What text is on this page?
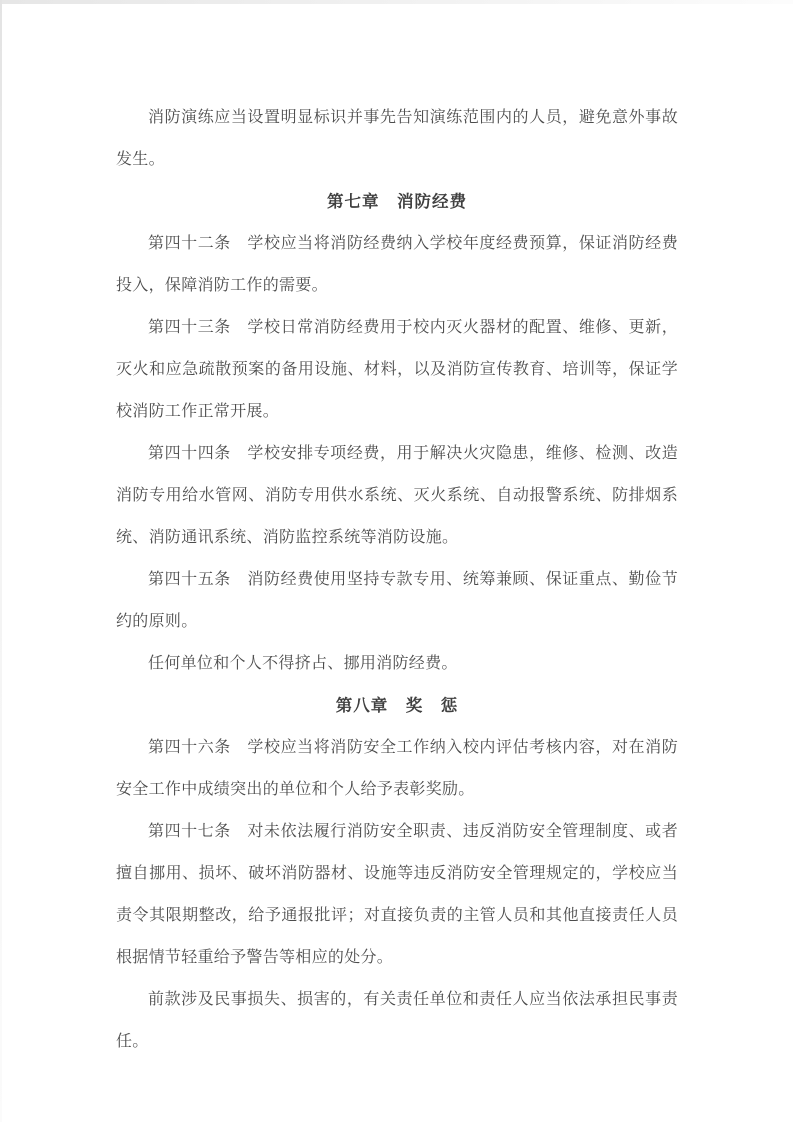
消防演练应当设置明显标识并事先告知演练范围内的人员，避免意外事故发生。

第七章　消防经费

第四十二条　学校应当将消防经费纳入学校年度经费预算，保证消防经费投入，保障消防工作的需要。

第四十三条　学校日常消防经费用于校内灭火器材的配置、维修、更新，灭火和应急疏散预案的备用设施、材料，以及消防宣传教育、培训等，保证学校消防工作正常开展。

第四十四条　学校安排专项经费，用于解决火灾隐患，维修、检测、改造消防专用给水管网、消防专用供水系统、灭火系统、自动报警系统、防排烟系统、消防通讯系统、消防监控系统等消防设施。

第四十五条　消防经费使用坚持专款专用、统筹兼顾、保证重点、勤俭节约的原则。

任何单位和个人不得挤占、挪用消防经费。

第八章　奖　惩

第四十六条　学校应当将消防安全工作纳入校内评估考核内容，对在消防安全工作中成绩突出的单位和个人给予表彰奖励。

第四十七条　对未依法履行消防安全职责、违反消防安全管理制度、或者擅自挪用、损坏、破坏消防器材、设施等违反消防安全管理规定的，学校应当责令其限期整改，给予通报批评；对直接负责的主管人员和其他直接责任人员根据情节轻重给予警告等相应的处分。

前款涉及民事损失、损害的，有关责任单位和责任人应当依法承担民事责任。
